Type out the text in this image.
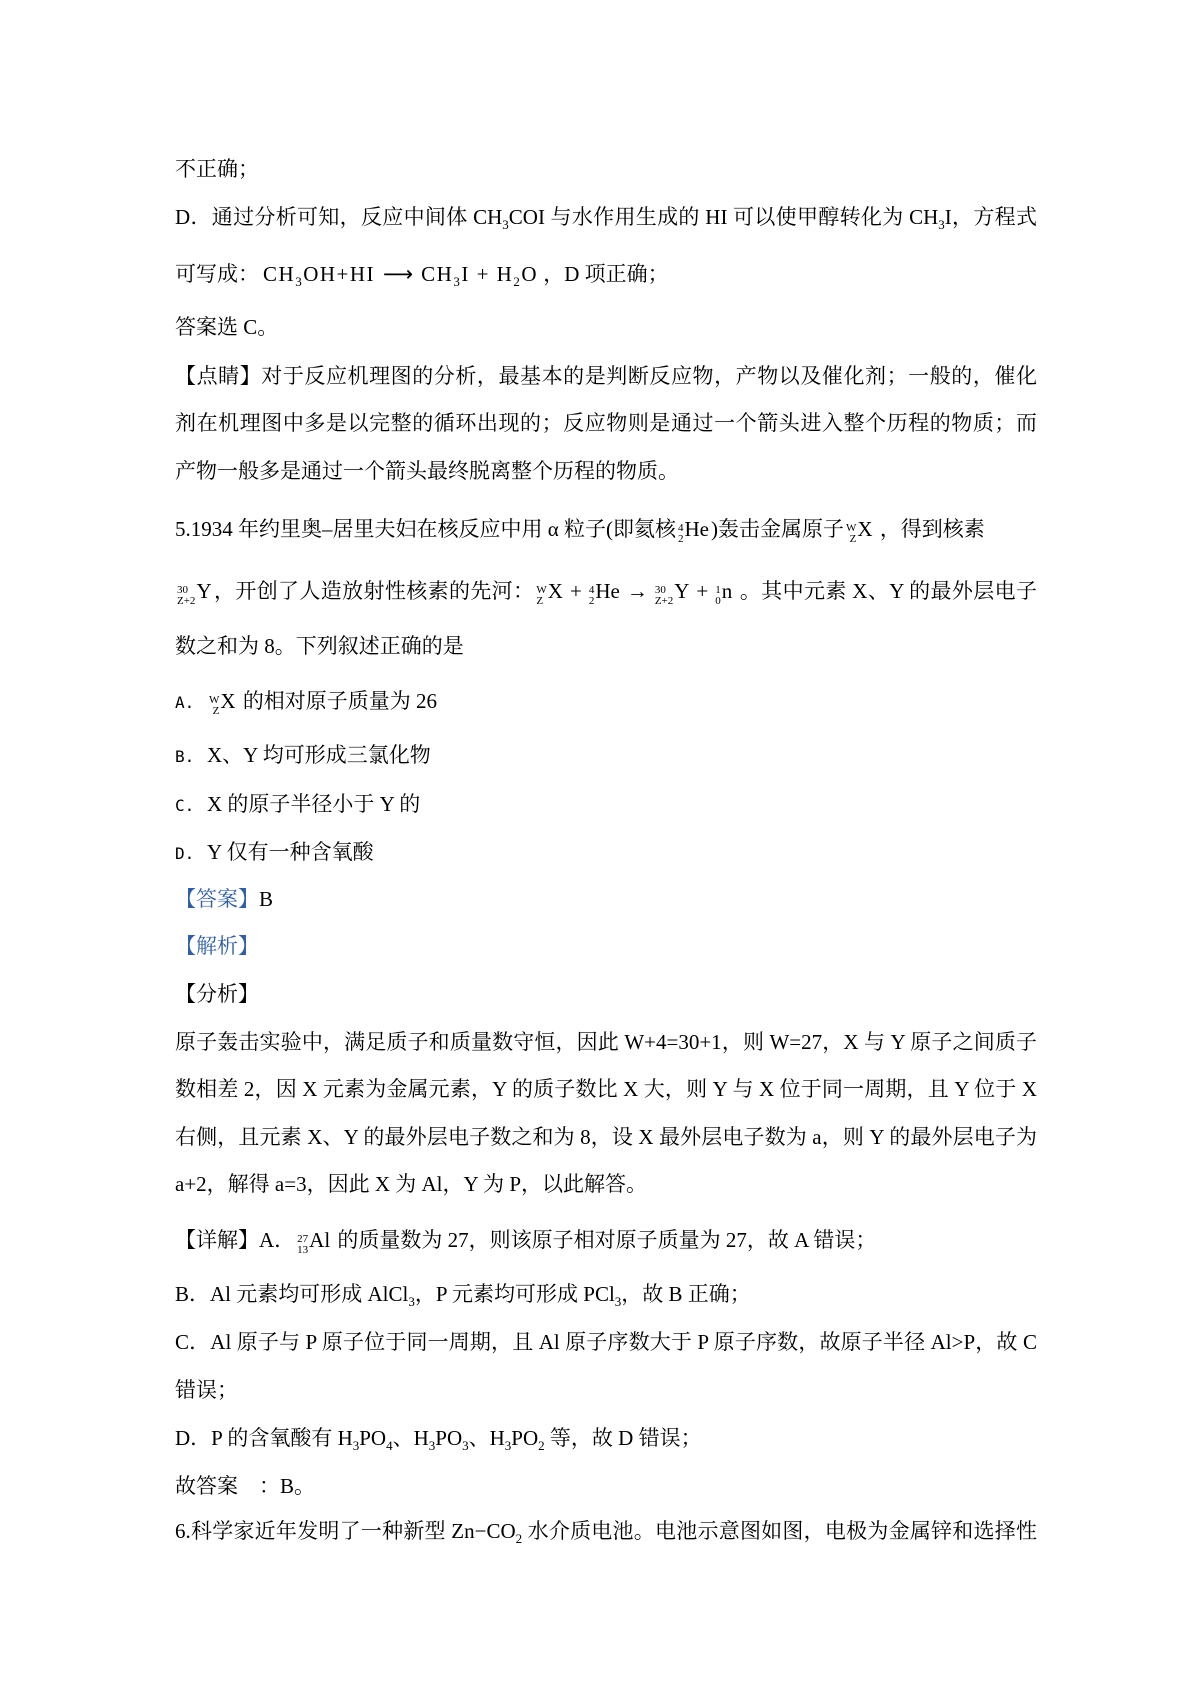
不正确；
D．通过分析可知，反应中间体 $CH_3COI$ 与水作用生成的 HI 可以使甲醇转化为 $CH_3I$，方程式
可写成： $CH_3OH+HI$ ⟶ $CH_3I + H_2O$ ，D 项正确；
答案选 C。
【点睛】对于反应机理图的分析，最基本的是判断反应物，产物以及催化剂；一般的，催化
剂在机理图中多是以完整的循环出现的；反应物则是通过一个箭头进入整个历程的物质；而
产物一般多是通过一个箭头最终脱离整个历程的物质。
5.1934 年约里奥–居里夫妇在核反应中用 α 粒子(即氦核 4
2 He)轰击金属原子 W
Z X ，得到核素
30
Z+2 Y，开创了人造放射性核素的先河： W
Z X + 4
2 He → 30
Z+2 Y + 1
0 n 。其中元素 X、Y 的最外层电子
数之和为 8。下列叙述正确的是
A. W
Z X 的相对原子质量为 26
B. X、Y 均可形成三氯化物
C. X 的原子半径小于 Y 的
D. Y 仅有一种含氧酸
【答案】B
【解析】
【分析】
原子轰击实验中，满足质子和质量数守恒，因此 W+4=30+1，则 W=27，X 与 Y 原子之间质子
数相差 2，因 X 元素为金属元素，Y 的质子数比 X 大，则 Y 与 X 位于同一周期，且 Y 位于 X
右侧，且元素 X、Y 的最外层电子数之和为 8，设 X 最外层电子数为 a，则 Y 的最外层电子为
a+2，解得 a=3，因此 X 为 Al，Y 为 P，以此解答。
【详解】A． 27
13 Al 的质量数为 27，则该原子相对原子质量为 27，故 A 错误；
B．Al 元素均可形成 AlCl$_3$，P 元素均可形成 PCl$_3$，故 B 正确；
C．Al 原子与 P 原子位于同一周期，且 Al 原子序数大于 P 原子序数，故原子半径 Al>P，故 C
错误；
D．P 的含氧酸有 $H_3PO_4$、$H_3PO_3$、$H_3PO_2$ 等，故 D 错误；
故答案　：B。
6.科学家近年发明了一种新型 $Zn-CO_2$ 水介质电池。电池示意图如图，电极为金属锌和选择性
